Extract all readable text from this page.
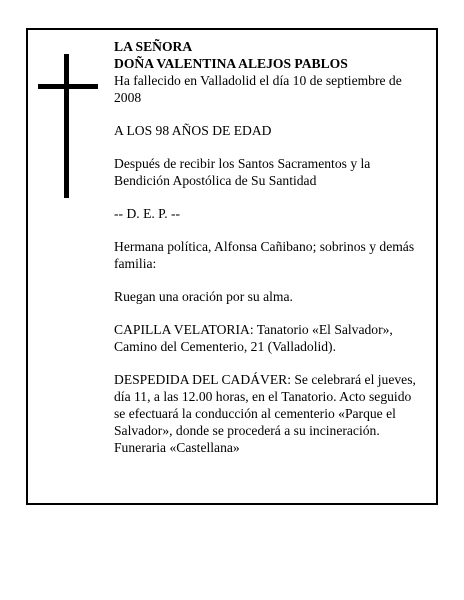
LA SEÑORA

DOÑA VALENTINA ALEJOS PABLOS

Ha fallecido en Valladolid el día 10 de septiembre de 2008

A LOS 98 AÑOS DE EDAD

Después de recibir los Santos Sacramentos y la Bendición Apostólica de Su Santidad

-- D. E. P. --

Hermana política, Alfonsa Cañibano; sobrinos y demás familia:

Ruegan una oración por su alma.

CAPILLA VELATORIA: Tanatorio «El Salvador», Camino del Cementerio, 21 (Valladolid).

DESPEDIDA DEL CADÁVER: Se celebrará el jueves, día 11, a las 12.00 horas, en el Tanatorio. Acto seguido se efectuará la conducción al cementerio «Parque el Salvador», donde se procederá a su incineración.

Funeraria «Castellana»
